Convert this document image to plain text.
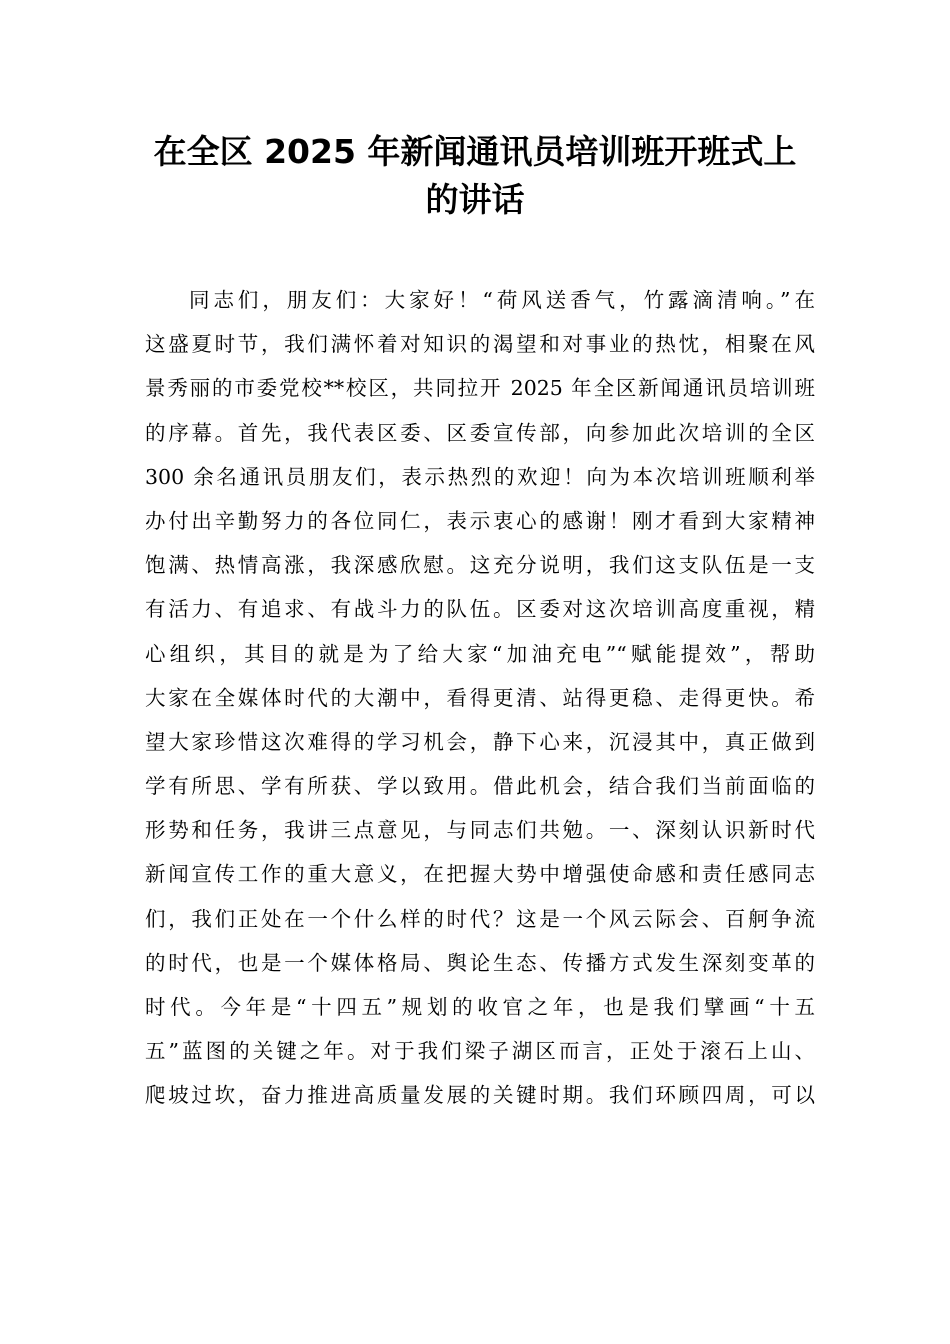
在全区 2025 年新闻通讯员培训班开班式上
的讲话
同志们，朋友们：大家好！“荷风送香气，竹露滴清响。”在
这盛夏时节，我们满怀着对知识的渴望和对事业的热忱，相聚在风
景秀丽的市委党校**校区，共同拉开 2025 年全区新闻通讯员培训班
的序幕。首先，我代表区委、区委宣传部，向参加此次培训的全区
300 余名通讯员朋友们，表示热烈的欢迎！向为本次培训班顺利举
办付出辛勤努力的各位同仁，表示衷心的感谢！刚才看到大家精神
饱满、热情高涨，我深感欣慰。这充分说明，我们这支队伍是一支
有活力、有追求、有战斗力的队伍。区委对这次培训高度重视，精
心组织，其目的就是为了给大家“加油充电”“赋能提效”，帮助
大家在全媒体时代的大潮中，看得更清、站得更稳、走得更快。希
望大家珍惜这次难得的学习机会，静下心来，沉浸其中，真正做到
学有所思、学有所获、学以致用。借此机会，结合我们当前面临的
形势和任务，我讲三点意见，与同志们共勉。一、深刻认识新时代
新闻宣传工作的重大意义，在把握大势中增强使命感和责任感同志
们，我们正处在一个什么样的时代？这是一个风云际会、百舸争流
的时代，也是一个媒体格局、舆论生态、传播方式发生深刻变革的
时代。今年是“十四五”规划的收官之年，也是我们擘画“十五
五”蓝图的关键之年。对于我们梁子湖区而言，正处于滚石上山、
爬坡过坎，奋力推进高质量发展的关键时期。我们环顾四周，可以
